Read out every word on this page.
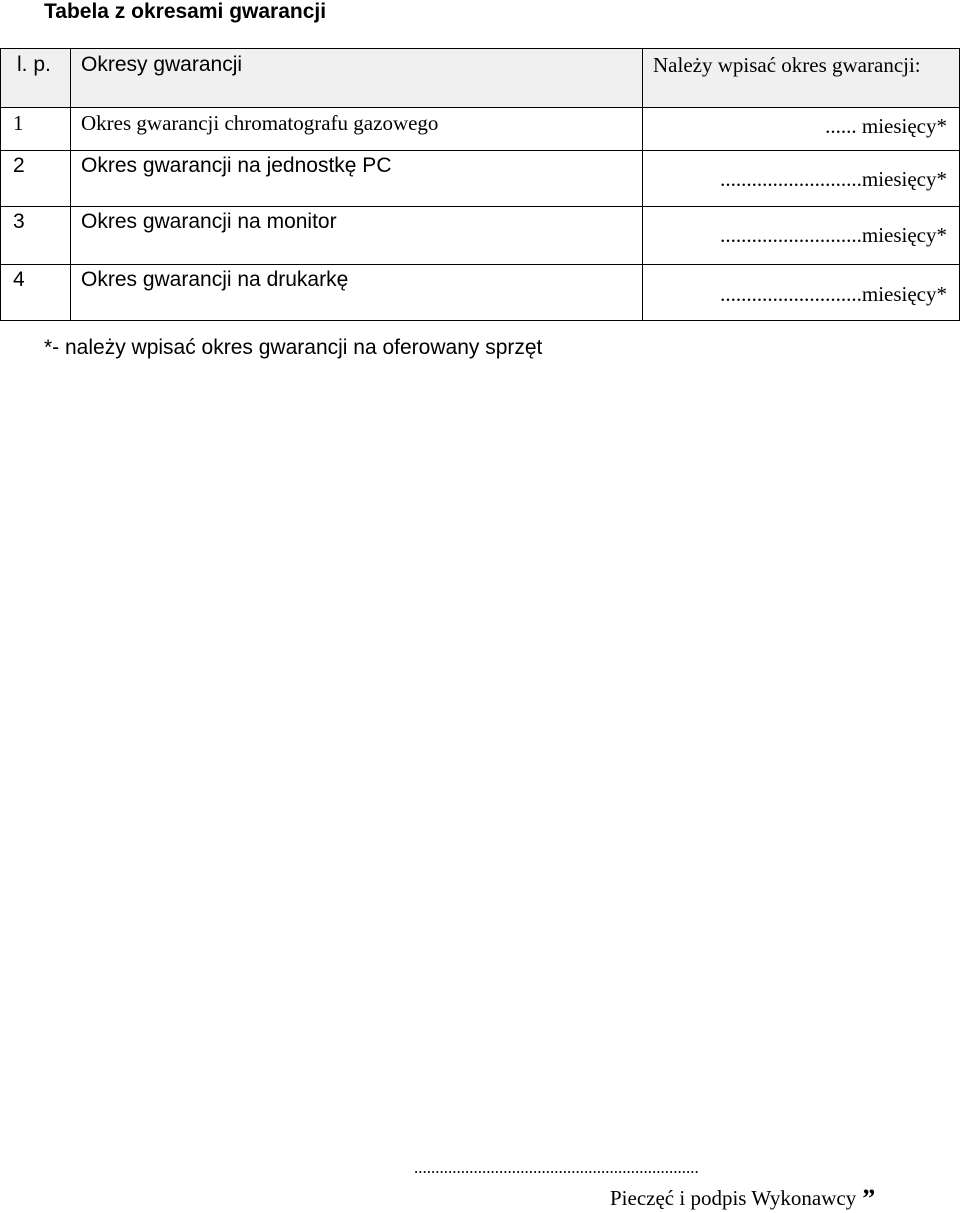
Tabela z okresami gwarancji
l. p.	Okresy gwarancji	Należy wpisać okres gwarancji:
1	Okres gwarancji chromatografu gazowego	...... miesięcy*

2	Okres gwarancji na jednostkę PC	...........................miesięcy*

3	Okres gwarancji na monitor	...........................miesięcy*

4	Okres gwarancji na drukarkę	...........................miesięcy*
*- należy wpisać okres gwarancji na oferowany sprzęt
...................................................................
Pieczęć i podpis Wykonawcy ”
